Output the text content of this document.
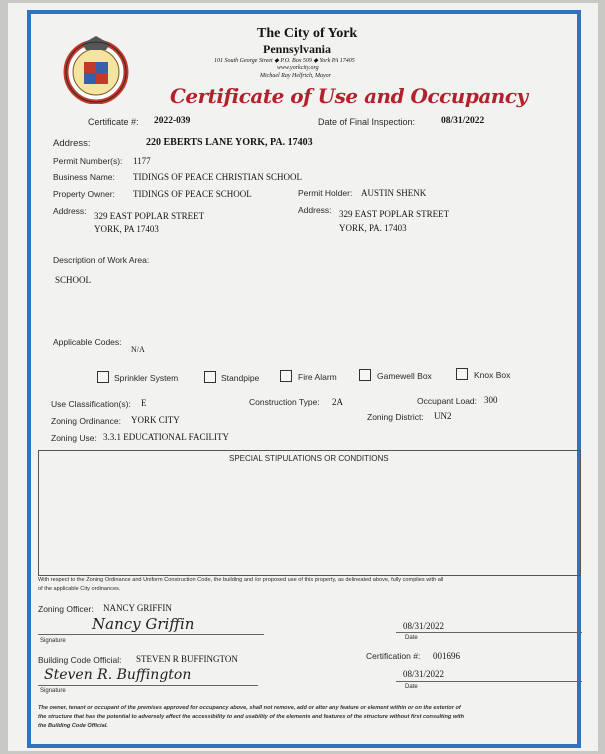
The City of York
Pennsylvania
101 South George Street ◆ P.O. Box 509 ◆ York PA 17405
www.yorkcity.org
Michael Ray Helfrich, Mayor
Certificate of Use and Occupancy
Certificate #: 2022-039	Date of Final Inspection:	08/31/2022
Address:	220 EBERTS LANE YORK, PA. 17403
Permit Number(s): 1177
Business Name: TIDINGS OF PEACE CHRISTIAN SCHOOL
Property Owner: TIDINGS OF PEACE SCHOOL	Permit Holder: AUSTIN SHENK
Address: 329 EAST POPLAR STREET
YORK, PA 17403
Address: 329 EAST POPLAR STREET
YORK, PA. 17403
Description of Work Area:
SCHOOL
Applicable Codes:
N/A
Sprinkler System	Standpipe	Fire Alarm	Gamewell Box	Knox Box
Use Classification(s): E	Construction Type: 2A	Occupant Load: 300
Zoning Ordinance: YORK CITY	Zoning District: UN2
Zoning Use: 3.3.1 EDUCATIONAL FACILITY
SPECIAL STIPULATIONS OR CONDITIONS
With respect to the Zoning Ordinance and Uniform Construction Code, the building and /or proposed use of this property, as delineated above, fully complies with all
of the applicable City ordinances.
Zoning Officer: NANCY GRIFFIN
Nancy Griffin
Signature
08/31/2022
Date
Building Code Official: STEVEN R BUFFINGTON	Certification #: 001696
Steven R. Buffington	08/31/2022
Signature
Date
The owner, tenant or occupant of the premises approved for occupancy above, shall not remove, add or alter any feature or element within or on the exterior of
the structure that has the potential to adversely affect the accessibility to and usability of the elements and features of the structure without first consulting with
the Building Code Official.
